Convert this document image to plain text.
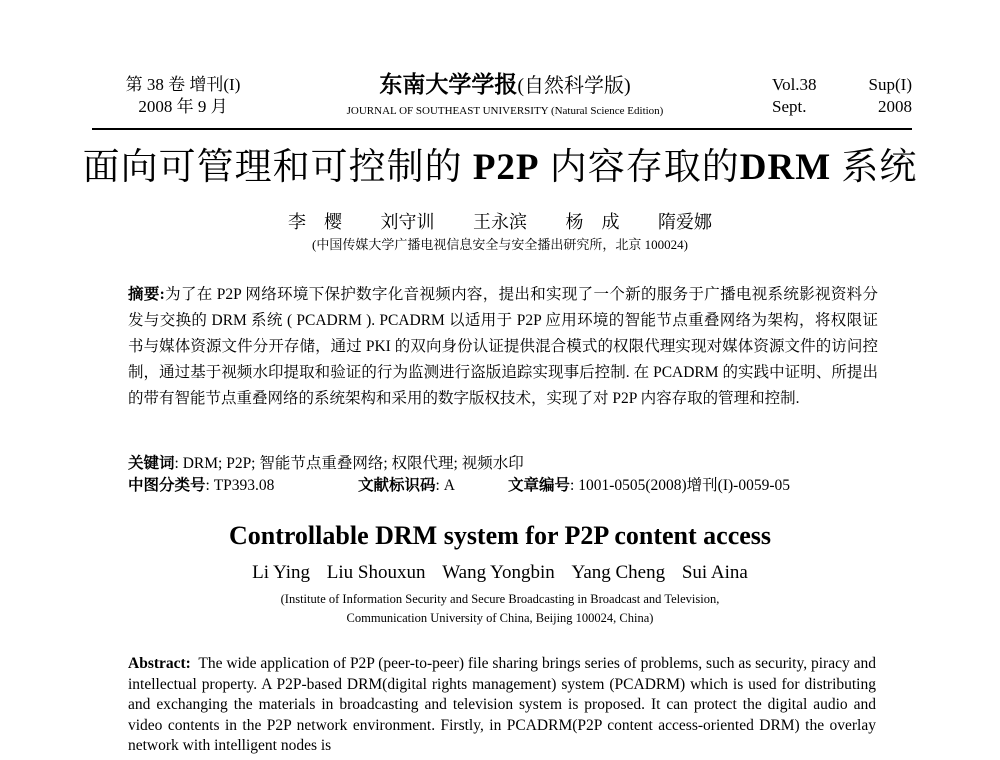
第 38 卷 增刊(I)
2008 年 9 月
东南大学学报(自然科学版)
JOURNAL OF SOUTHEAST UNIVERSITY (Natural Science Edition)
Vol.38	Sup(I)
Sept.	2008
面向可管理和可控制的 P2P 内容存取的DRM 系统
李　樱 刘守训 王永滨 杨　成 隋爱娜
(中国传媒大学广播电视信息安全与安全播出研究所，北京 100024)
摘要:为了在 P2P 网络环境下保护数字化音视频内容，提出和实现了一个新的服务于广播电视系统影视资料分发与交换的 DRM 系统 ( PCADRM ). PCADRM 以适用于 P2P 应用环境的智能节点重叠网络为架构，将权限证书与媒体资源文件分开存储，通过 PKI 的双向身份认证提供混合模式的权限代理实现对媒体资源文件的访问控制，通过基于视频水印提取和验证的行为监测进行盗版追踪实现事后控制. 在 PCADRM 的实践中证明、所提出的带有智能节点重叠网络的系统架构和采用的数字版权技术，实现了对 P2P 内容存取的管理和控制.
关键词: DRM; P2P; 智能节点重叠网络; 权限代理; 视频水印
中图分类号: TP393.08	文献标识码: A	文章编号: 1001-0505(2008)增刊(I)-0059-05
Controllable DRM system for P2P content access
Li Ying Liu Shouxun Wang Yongbin Yang Cheng Sui Aina
(Institute of Information Security and Secure Broadcasting in Broadcast and Television,
Communication University of China, Beijing 100024, China)
Abstract: The wide application of P2P (peer-to-peer) file sharing brings series of problems, such as security, piracy and intellectual property. A P2P-based DRM(digital rights management) system (PCADRM) which is used for distributing and exchanging the materials in broadcasting and television system is proposed. It can protect the digital audio and video contents in the P2P network environment. Firstly, in PCADRM(P2P content access-oriented DRM) the overlay network with intelligent nodes is
